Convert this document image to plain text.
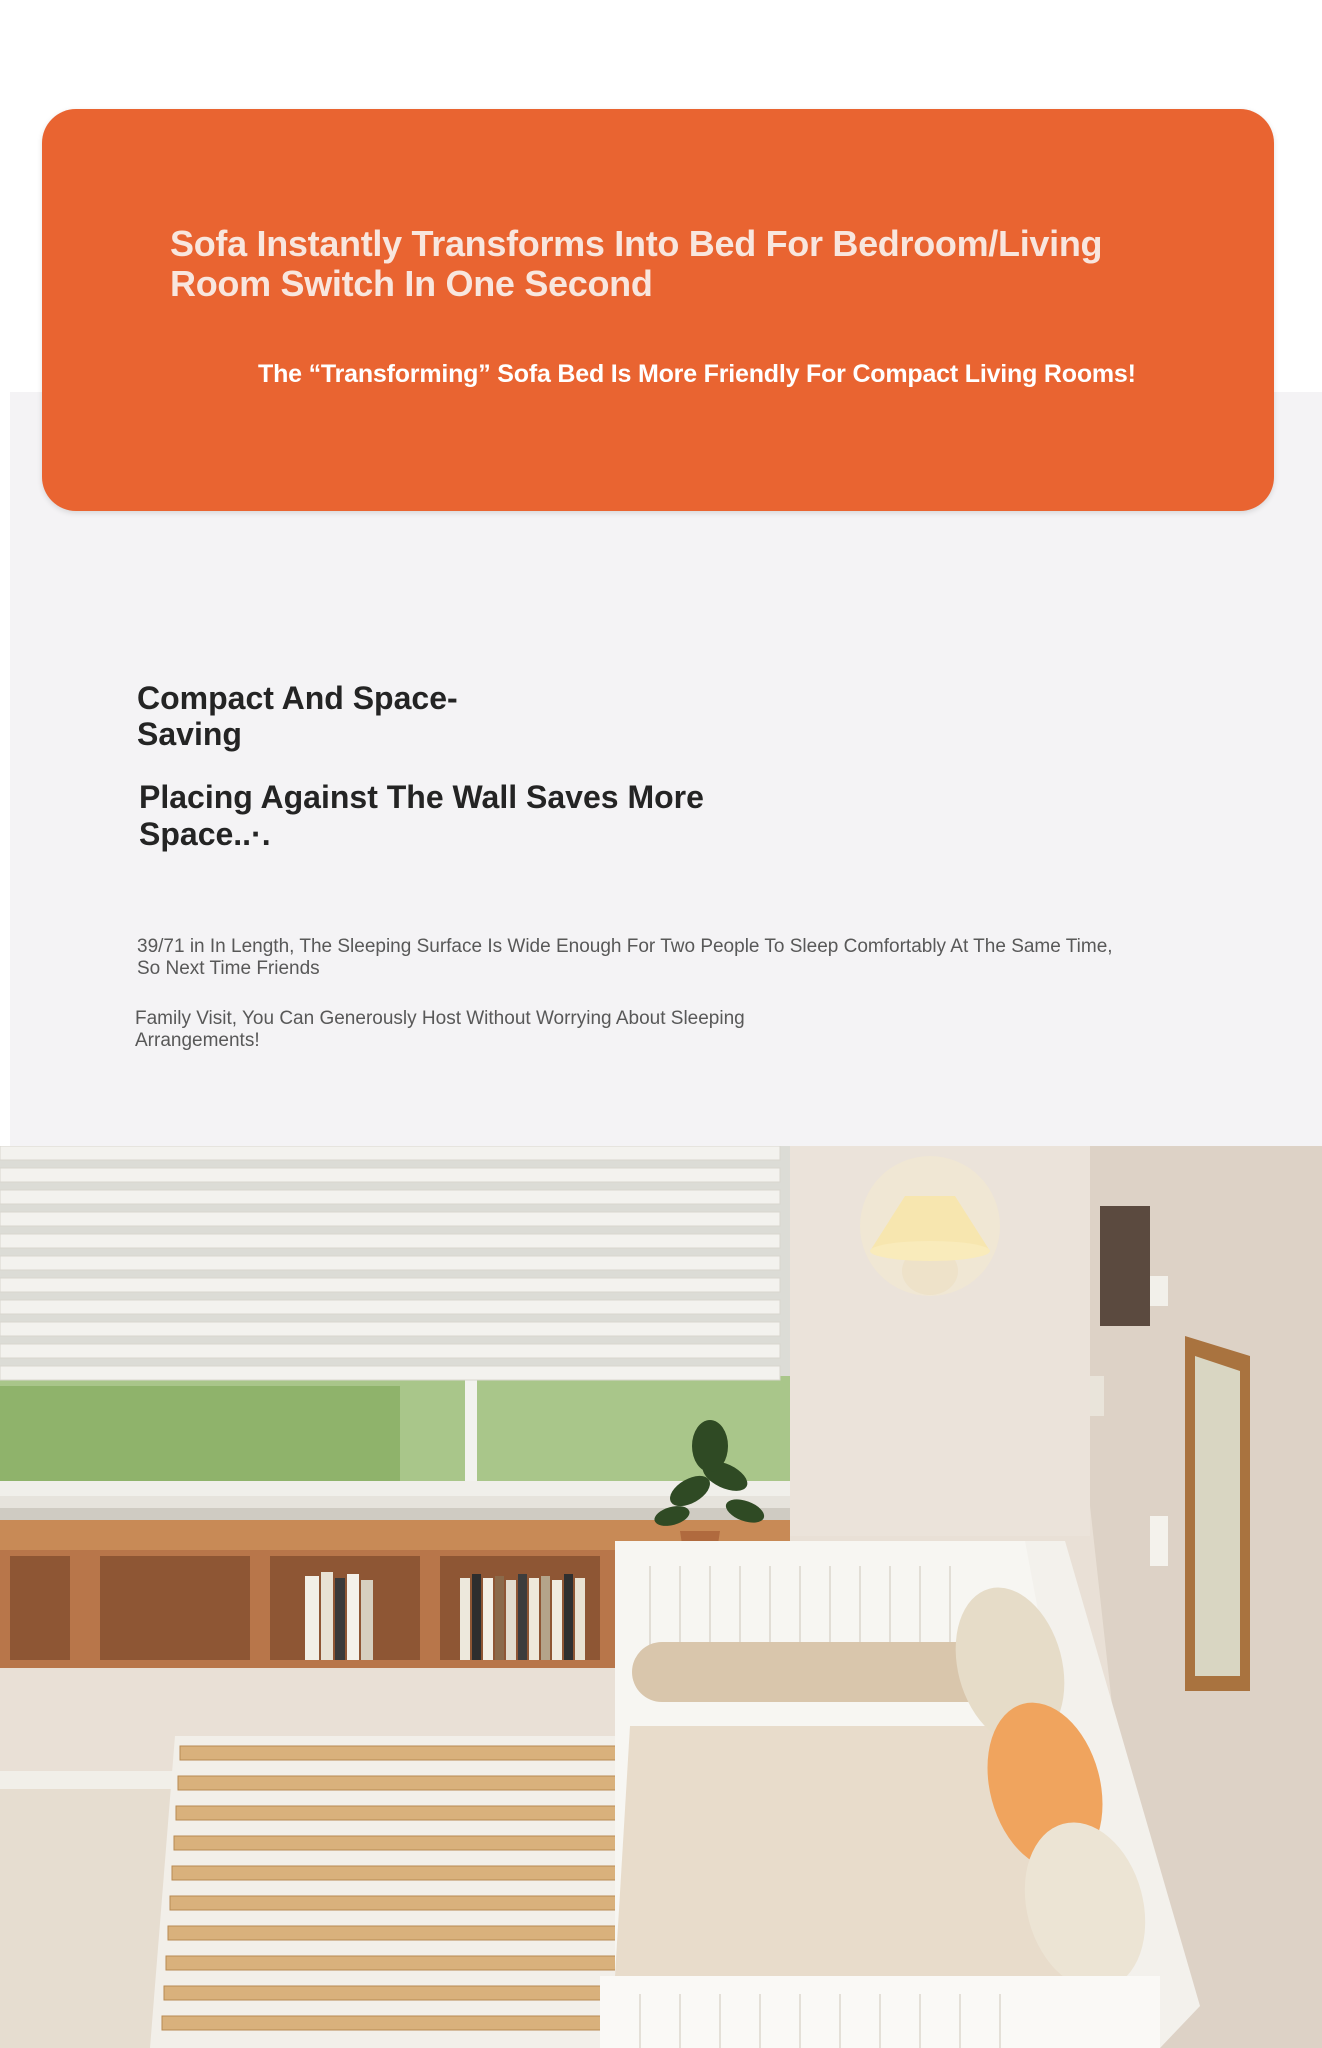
Sofa Instantly Transforms Into Bed For Bedroom/Living Room Switch In One Second
The “Transforming” Sofa Bed Is More Friendly For Compact Living Rooms!
Compact And Space-Saving
Placing Against The Wall Saves More Space..·.
39/71 in In Length, The Sleeping Surface Is Wide Enough For Two People To Sleep Comfortably At The Same Time, So Next Time Friends
Family Visit, You Can Generously Host Without Worrying About Sleeping Arrangements!
